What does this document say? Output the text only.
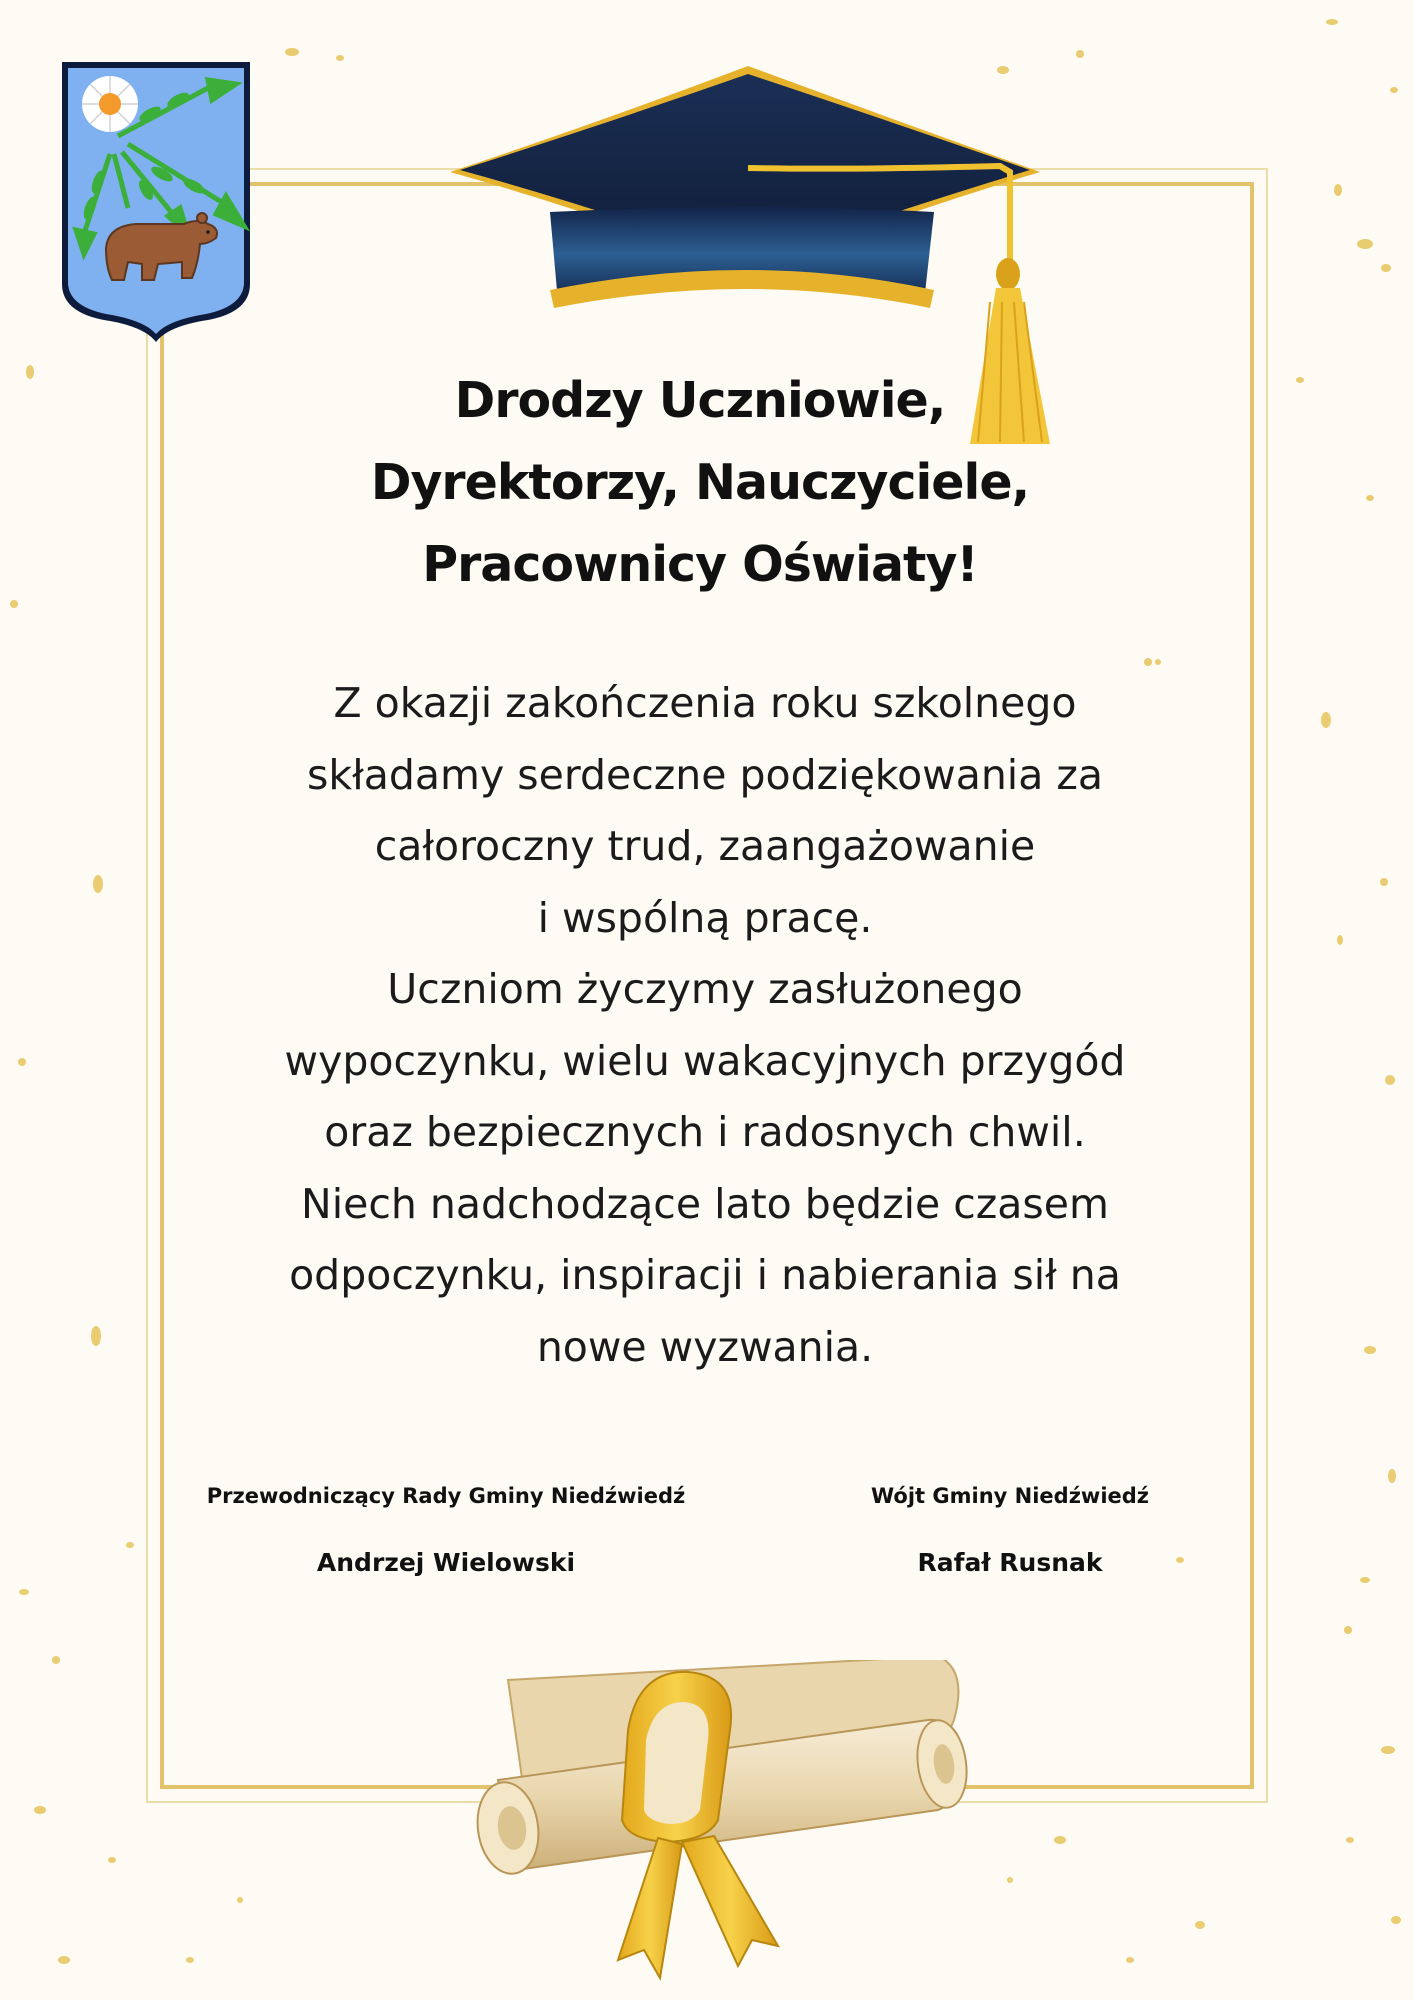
Drodzy Uczniowie,
Dyrektorzy, Nauczyciele,
Pracownicy Oświaty!
Z okazji zakończenia roku szkolnego
składamy serdeczne podziękowania za
całoroczny trud, zaangażowanie
i wspólną pracę.
Uczniom życzymy zasłużonego
wypoczynku, wielu wakacyjnych przygód
oraz bezpiecznych i radosnych chwil.
Niech nadchodzące lato będzie czasem
odpoczynku, inspiracji i nabierania sił na
nowe wyzwania.
Przewodniczący Rady Gminy Niedźwiedź
Andrzej Wielowski
Wójt Gminy Niedźwiedź
Rafał Rusnak
